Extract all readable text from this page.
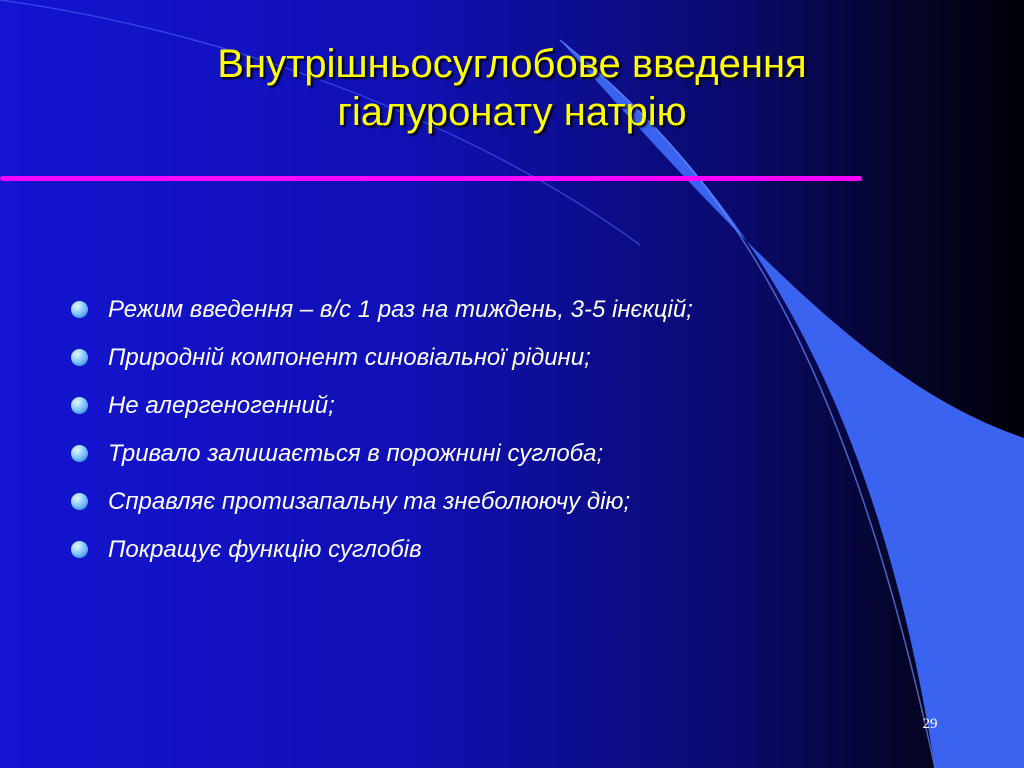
Внутрішньосуглобове введення
гіалуронату натрію
Режим введення – в/с 1 раз на тиждень, 3-5 інєкцій;
Природній компонент синовіальної рідини;
Не алергеногенний;
Тривало залишається в порожнині суглоба;
Справляє протизапальну та знеболюючу дію;
Покращує функцію суглобів
29
